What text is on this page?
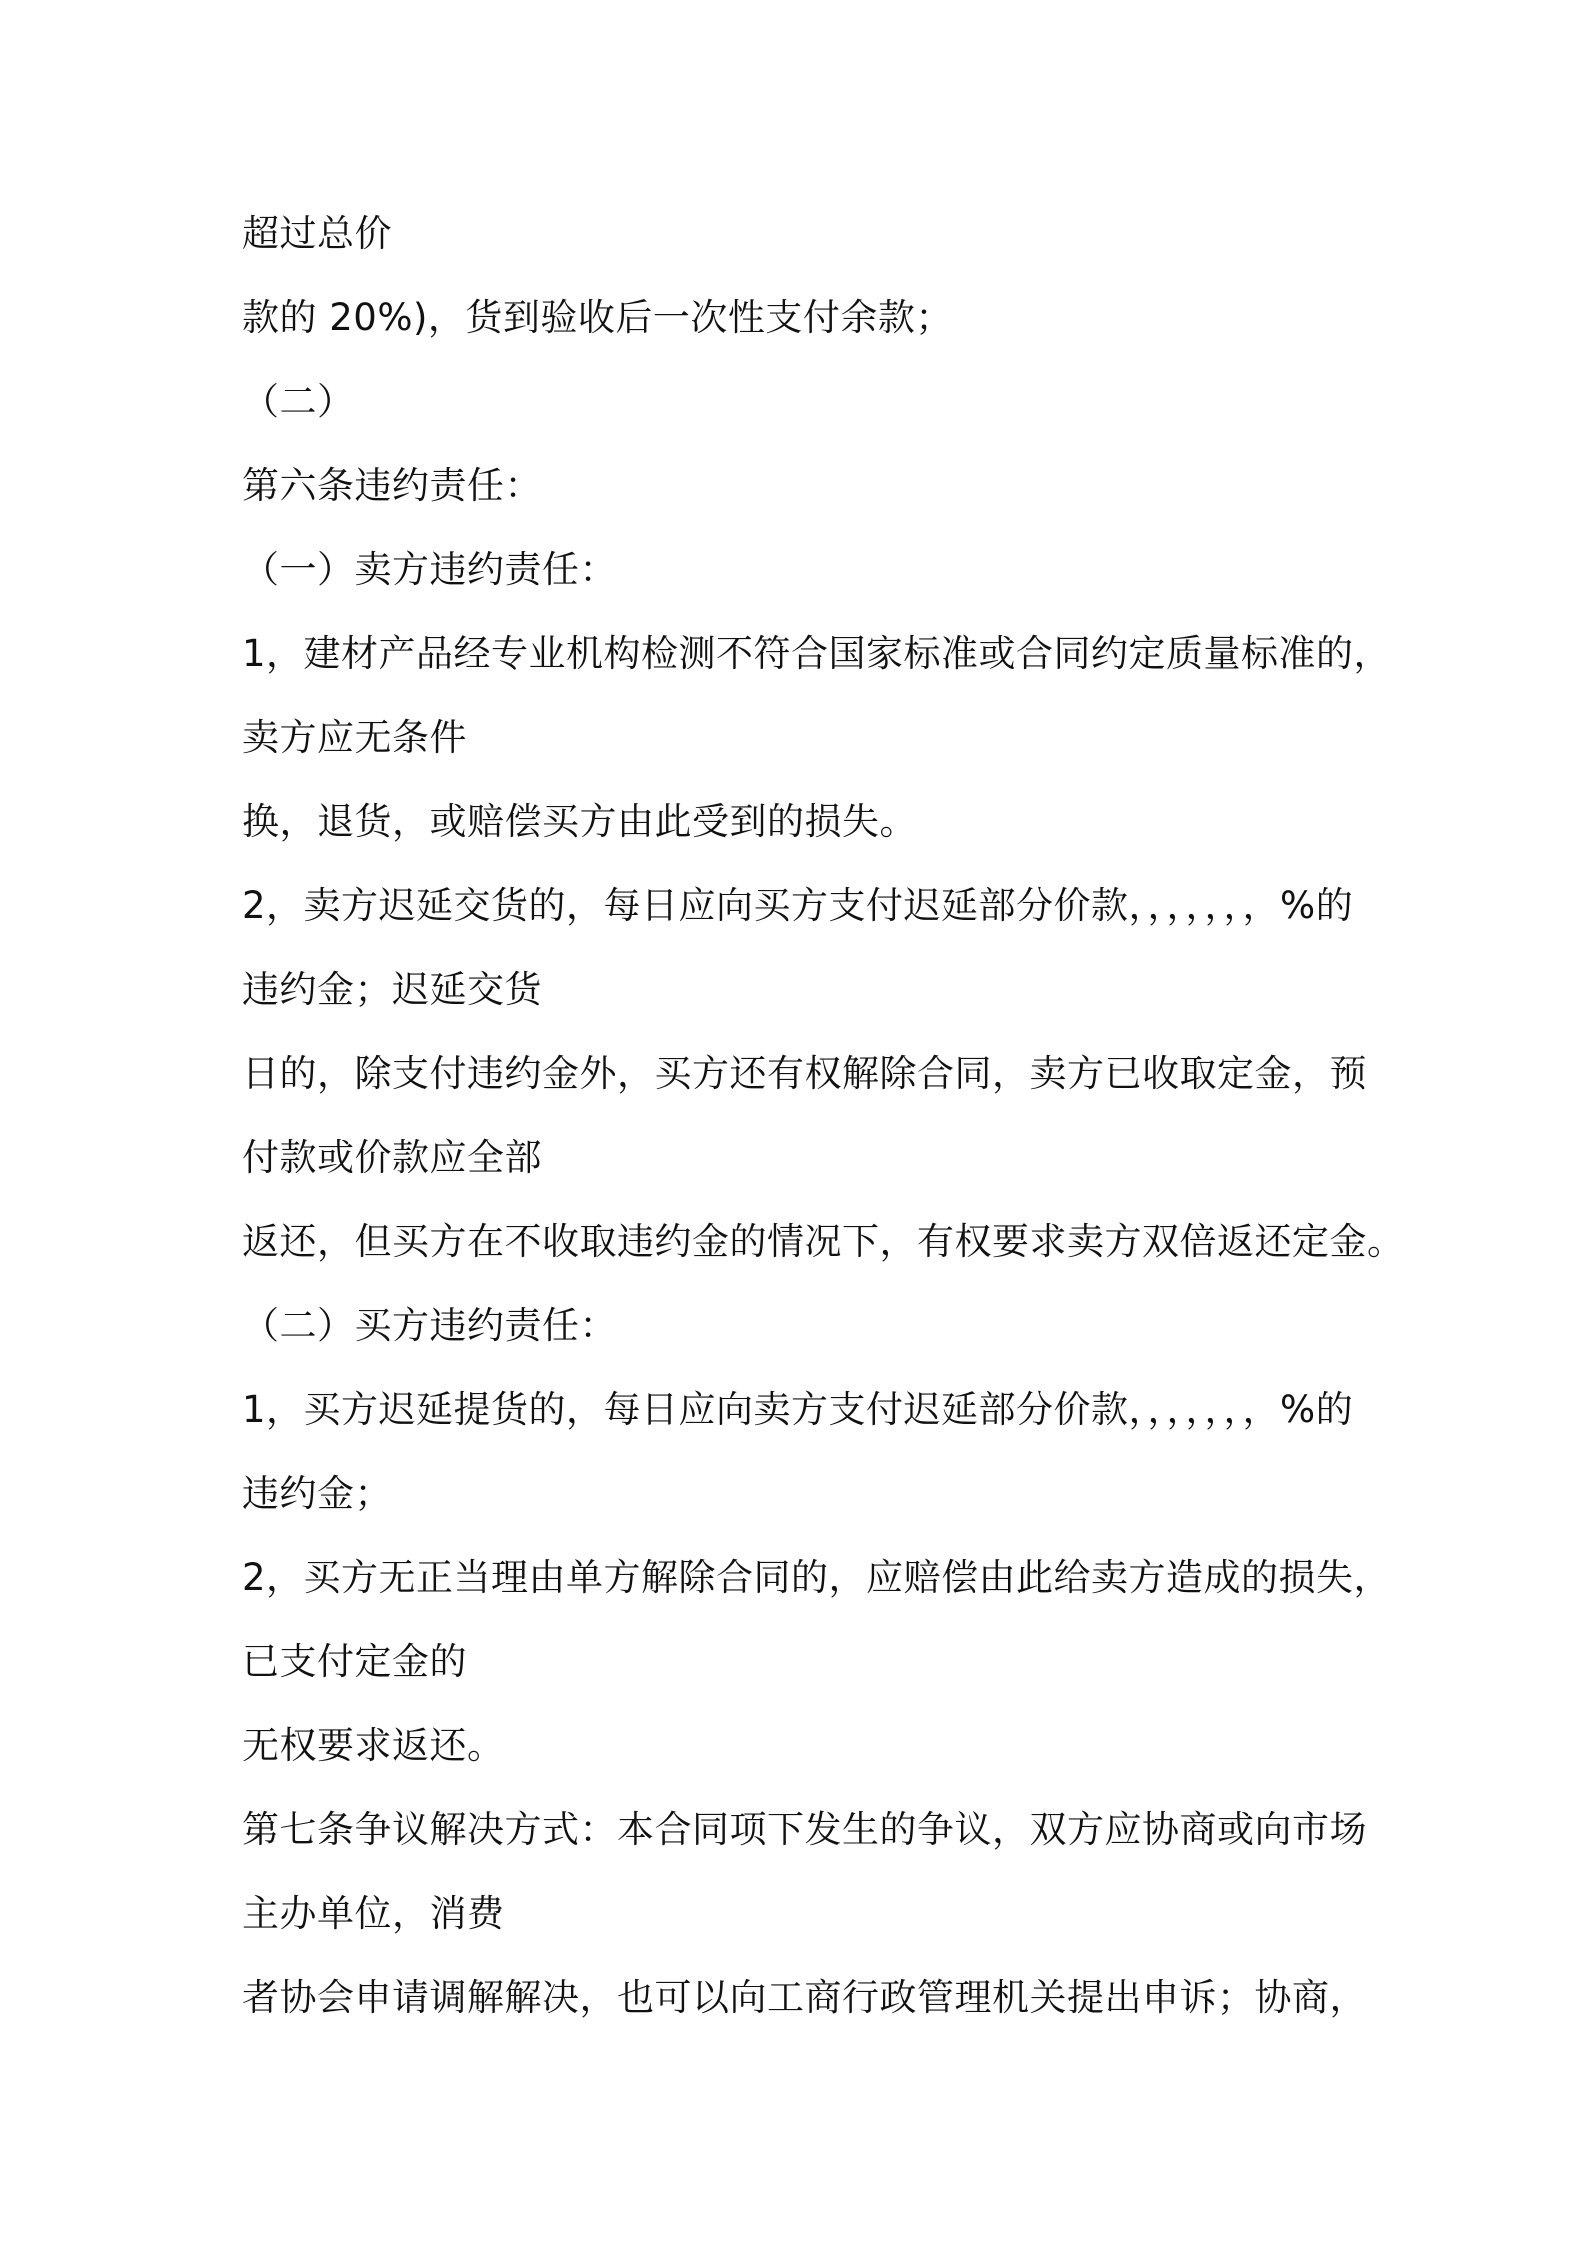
超过总价
款的 20%)，货到验收后一次性支付余款；
（二）
第六条违约责任：
（一）卖方违约责任：
1，建材产品经专业机构检测不符合国家标准或合同约定质量标准的，
卖方应无条件
换，退货，或赔偿买方由此受到的损失。
2，卖方迟延交货的，每日应向买方支付迟延部分价款，，，，，，，%的
违约金；迟延交货
日的，除支付违约金外，买方还有权解除合同，卖方已收取定金，预
付款或价款应全部
返还，但买方在不收取违约金的情况下，有权要求卖方双倍返还定金。
（二）买方违约责任：
1，买方迟延提货的，每日应向卖方支付迟延部分价款，，，，，，，%的
违约金；
2，买方无正当理由单方解除合同的，应赔偿由此给卖方造成的损失，
已支付定金的
无权要求返还。
第七条争议解决方式：本合同项下发生的争议，双方应协商或向市场
主办单位，消费
者协会申请调解解决，也可以向工商行政管理机关提出申诉；协商，
